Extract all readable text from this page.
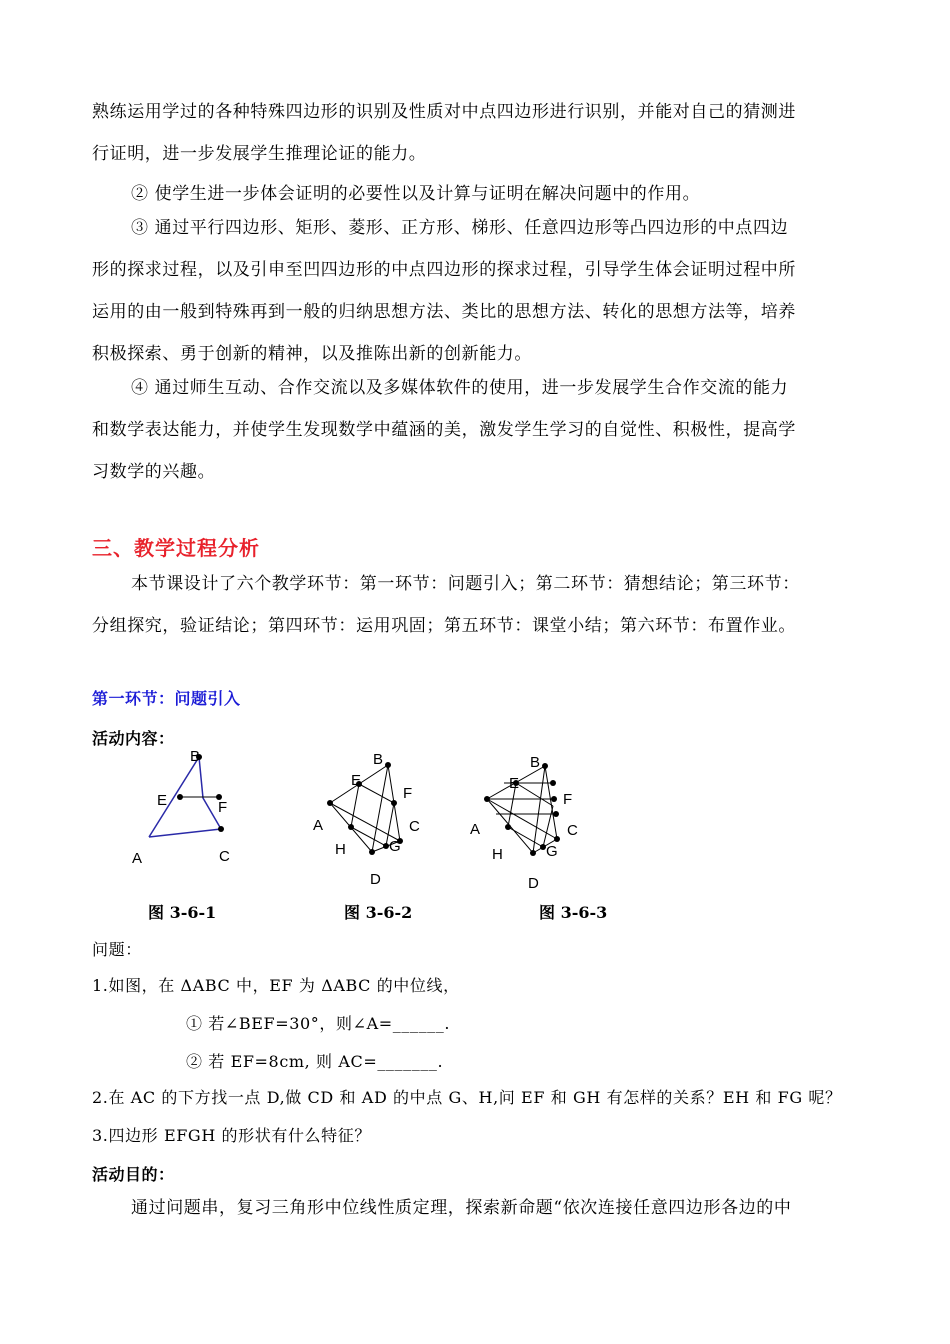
熟练运用学过的各种特殊四边形的识别及性质对中点四边形进行识别，并能对自己的猜测进
行证明，进一步发展学生推理论证的能力。
② 使学生进一步体会证明的必要性以及计算与证明在解决问题中的作用。
③ 通过平行四边形、矩形、菱形、正方形、梯形、任意四边形等凸四边形的中点四边
形的探求过程，以及引申至凹四边形的中点四边形的探求过程，引导学生体会证明过程中所
运用的由一般到特殊再到一般的归纳思想方法、类比的思想方法、转化的思想方法等，培养
积极探索、勇于创新的精神，以及推陈出新的创新能力。
④ 通过师生互动、合作交流以及多媒体软件的使用，进一步发展学生合作交流的能力
和数学表达能力，并使学生发现数学中蕴涵的美，激发学生学习的自觉性、积极性，提高学
习数学的兴趣。
三、教学过程分析
本节课设计了六个教学环节：第一环节：问题引入；第二环节：猜想结论；第三环节：
分组探究，验证结论；第四环节：运用巩固；第五环节：课堂小结；第六环节：布置作业。
第一环节：问题引入
活动内容：
B
E	F
A	C
B
E
F
A	C
H	G
D
B
E
F
A	C
H	G
D
图 3-6-1	图 3-6-2	图 3-6-3
问题：
1.如图，在 ΔABC 中，EF 为 ΔABC 的中位线，
① 若∠BEF=30°，则∠A=______.
② 若 EF=8cm, 则 AC=_______.
2.在 AC 的下方找一点 D,做 CD 和 AD 的中点 G、H,问 EF 和 GH 有怎样的关系？EH 和 FG 呢？
3.四边形 EFGH 的形状有什么特征？
活动目的：
通过问题串，复习三角形中位线性质定理，探索新命题“依次连接任意四边形各边的中
